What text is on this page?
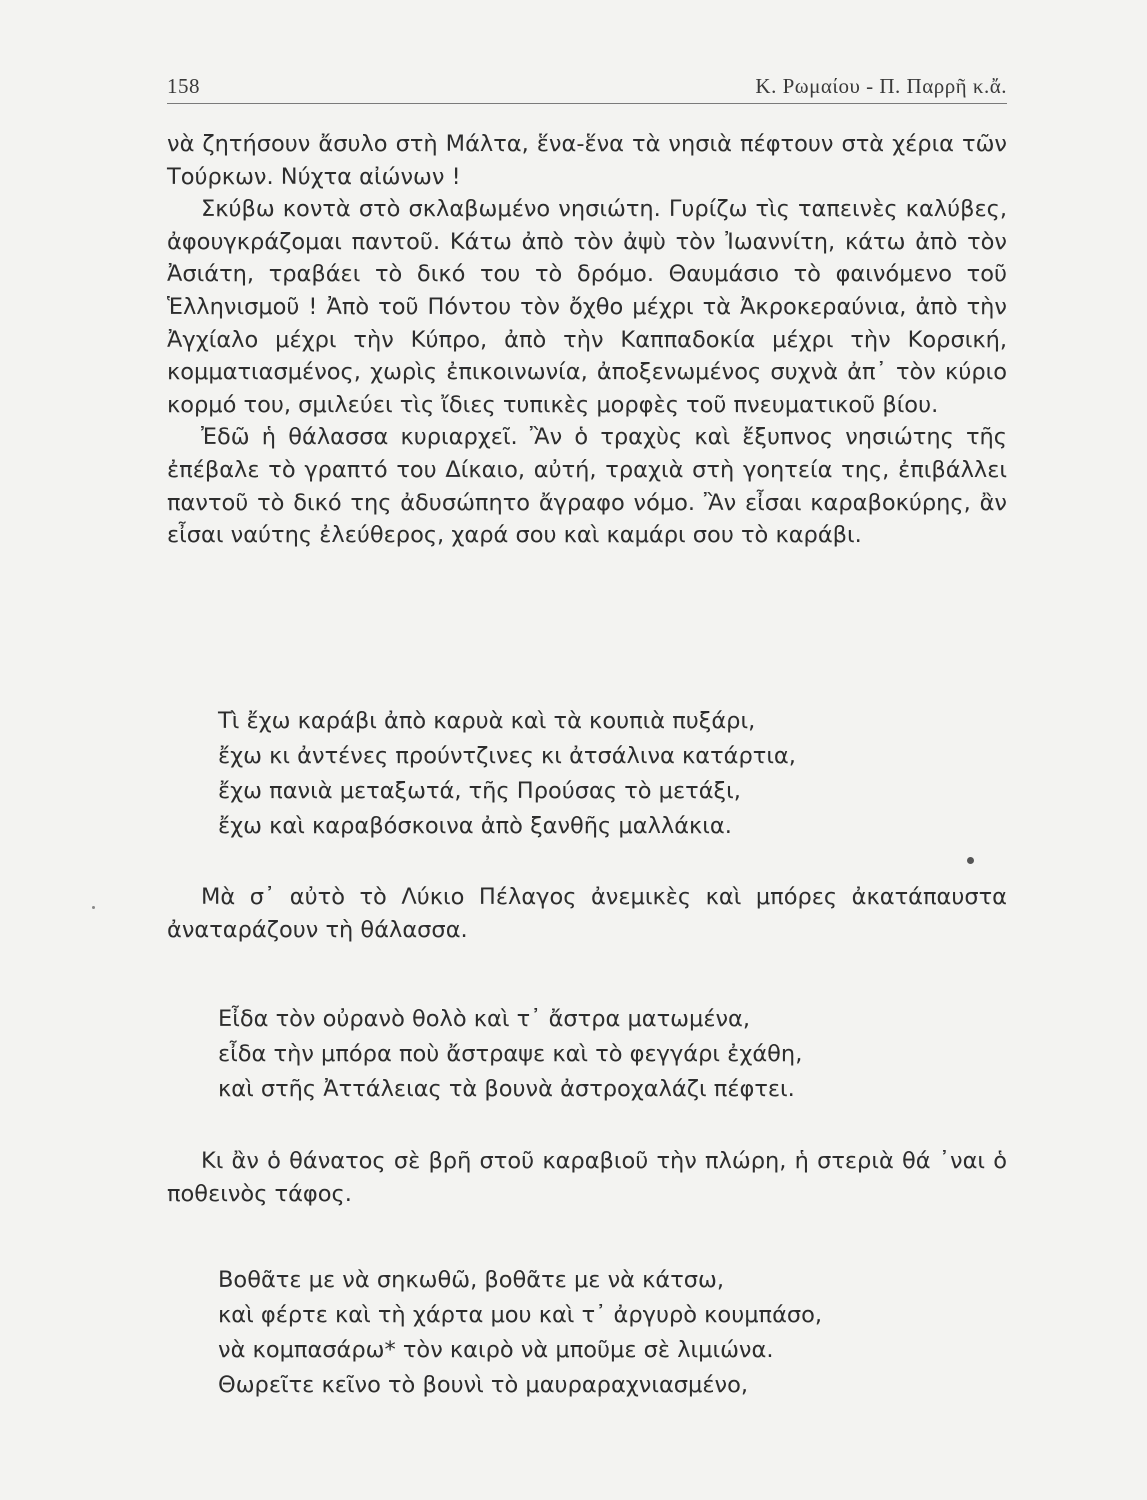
158	Κ. Ρωμαίου - Π. Παρρῆ κ.ἄ.

νὰ ζητήσουν ἄσυλο στὴ Μάλτα, ἕνα-ἕνα τὰ νησιὰ πέφτουν στὰ χέρια τῶν Τούρκων. Νύχτα αἰώνων !

Σκύβω κοντὰ στὸ σκλαβωμένο νησιώτη. Γυρίζω τὶς ταπεινὲς καλύβες, ἀφουγκράζομαι παντοῦ. Κάτω ἀπὸ τὸν ἀψὺ τὸν Ἰωαννίτη, κάτω ἀπὸ τὸν Ἀσιάτη, τραβάει τὸ δικό του τὸ δρόμο. Θαυμάσιο τὸ φαινόμενο τοῦ Ἑλληνισμοῦ ! Ἀπὸ τοῦ Πόντου τὸν ὄχθο μέχρι τὰ Ἀκροκεραύνια, ἀπὸ τὴν Ἀγχίαλο μέχρι τὴν Κύπρο, ἀπὸ τὴν Καππαδοκία μέχρι τὴν Κορσική, κομματιασμένος, χωρὶς ἐπικοινωνία, ἀποξενωμένος συχνὰ ἀπ᾿ τὸν κύριο κορμό του, σμιλεύει τὶς ἴδιες τυπικὲς μορφὲς τοῦ πνευματικοῦ βίου.

Ἐδῶ ἡ θάλασσα κυριαρχεῖ. Ἂν ὁ τραχὺς καὶ ἔξυπνος νησιώτης τῆς ἐπέβαλε τὸ γραπτό του Δίκαιο, αὐτή, τραχιὰ στὴ γοητεία της, ἐπιβάλλει παντοῦ τὸ δικό της ἀδυσώπητο ἄγραφο νόμο. Ἂν εἶσαι καραβοκύρης, ἂν εἶσαι ναύτης ἐλεύθερος, χαρά σου καὶ καμάρι σου τὸ καράβι.

Τὶ ἔχω καράβι ἀπὸ καρυὰ καὶ τὰ κουπιὰ πυξάρι,
ἔχω κι ἀντένες προύντζινες κι ἀτσάλινα κατάρτια,
ἔχω πανιὰ μεταξωτά, τῆς Προύσας τὸ μετάξι,
ἔχω καὶ καραβόσκοινα ἀπὸ ξανθῆς μαλλάκια.

Μὰ σ᾿ αὐτὸ τὸ Λύκιο Πέλαγος ἀνεμικὲς καὶ μπόρες ἀκατάπαυστα ἀναταράζουν τὴ θάλασσα.

Εἶδα τὸν οὐρανὸ θολὸ καὶ τ᾿ ἄστρα ματωμένα,
εἶδα τὴν μπόρα ποὺ ἄστραψε καὶ τὸ φεγγάρι ἐχάθη,
καὶ στῆς Ἀττάλειας τὰ βουνὰ ἀστροχαλάζι πέφτει.

Κι ἂν ὁ θάνατος σὲ βρῆ στοῦ καραβιοῦ τὴν πλώρη, ἡ στεριὰ θά ᾿ναι ὁ ποθεινὸς τάφος.

Βοθᾶτε με νὰ σηκωθῶ, βοθᾶτε με νὰ κάτσω,
καὶ φέρτε καὶ τὴ χάρτα μου καὶ τ᾿ ἀργυρὸ κουμπάσο,
νὰ κομπασάρω* τὸν καιρὸ νὰ μποῦμε σὲ λιμιώνα.
Θωρεῖτε κεῖνο τὸ βουνὶ τὸ μαυραραχνιασμένο,
